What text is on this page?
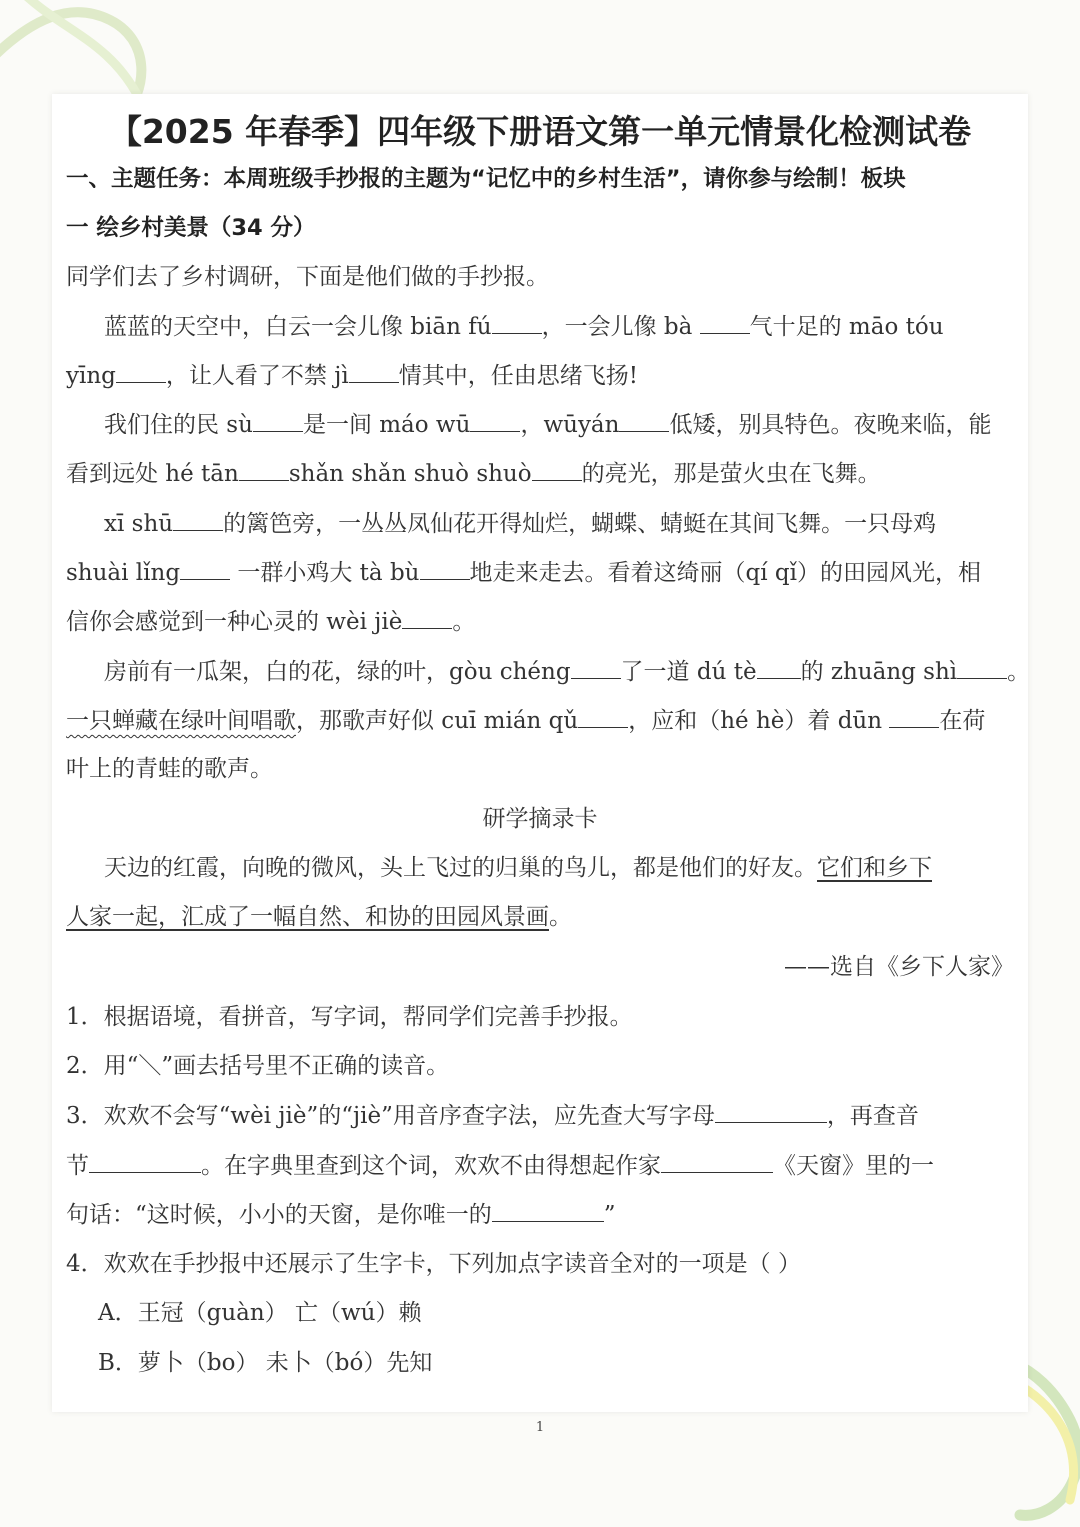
【2025 年春季】四年级下册语文第一单元情景化检测试卷
一、主题任务：本周班级手抄报的主题为“记忆中的乡村生活”，请你参与绘制！板块
一 绘乡村美景（34 分）
同学们去了乡村调研，下面是他们做的手抄报。
蓝蓝的天空中，白云一会儿像 biān fú ，一会儿像 bà 气十足的 māo tóu
yīng ，让人看了不禁 jì 情其中，任由思绪飞扬!
我们住的民 sù 是一间 máo wū ，wūyán 低矮，别具特色。夜晚来临，能
看到远处 hé tān shǎn shǎn shuò shuò 的亮光，那是萤火虫在飞舞。
xī shū 的篱笆旁，一丛丛凤仙花开得灿烂，蝴蝶、蜻蜓在其间飞舞。一只母鸡
shuài lǐng 一群小鸡大 tà bù 地走来走去。看着这绮丽（qí qǐ）的田园风光，相
信你会感觉到一种心灵的 wèi jiè 。
房前有一瓜架，白的花，绿的叶，gòu chéng 了一道 dú tè 的 zhuāng shì 。
一只蝉藏在绿叶间唱歌，那歌声好似 cuī mián qǔ ，应和（hé hè）着 dūn 在荷
叶上的青蛙的歌声。
研学摘录卡
天边的红霞，向晚的微风，头上飞过的归巢的鸟儿，都是他们的好友。它们和乡下
人家一起，汇成了一幅自然、和协的田园风景画。
——选自《乡下人家》
1．根据语境，看拼音，写字词，帮同学们完善手抄报。
2．用“＼”画去括号里不正确的读音。
3．欢欢不会写“wèi jiè”的“jiè”用音序查字法，应先查大写字母	，再查音
节	。在字典里查到这个词，欢欢不由得想起作家	《天窗》里的一
句话：“这时候，小小的天窗，是你唯一的	”
4．欢欢在手抄报中还展示了生字卡，下列加点字读音全对的一项是（ ）
A．王冠（guàn） 亡（wú）赖
B．萝卜（bo） 未卜（bó）先知
1
